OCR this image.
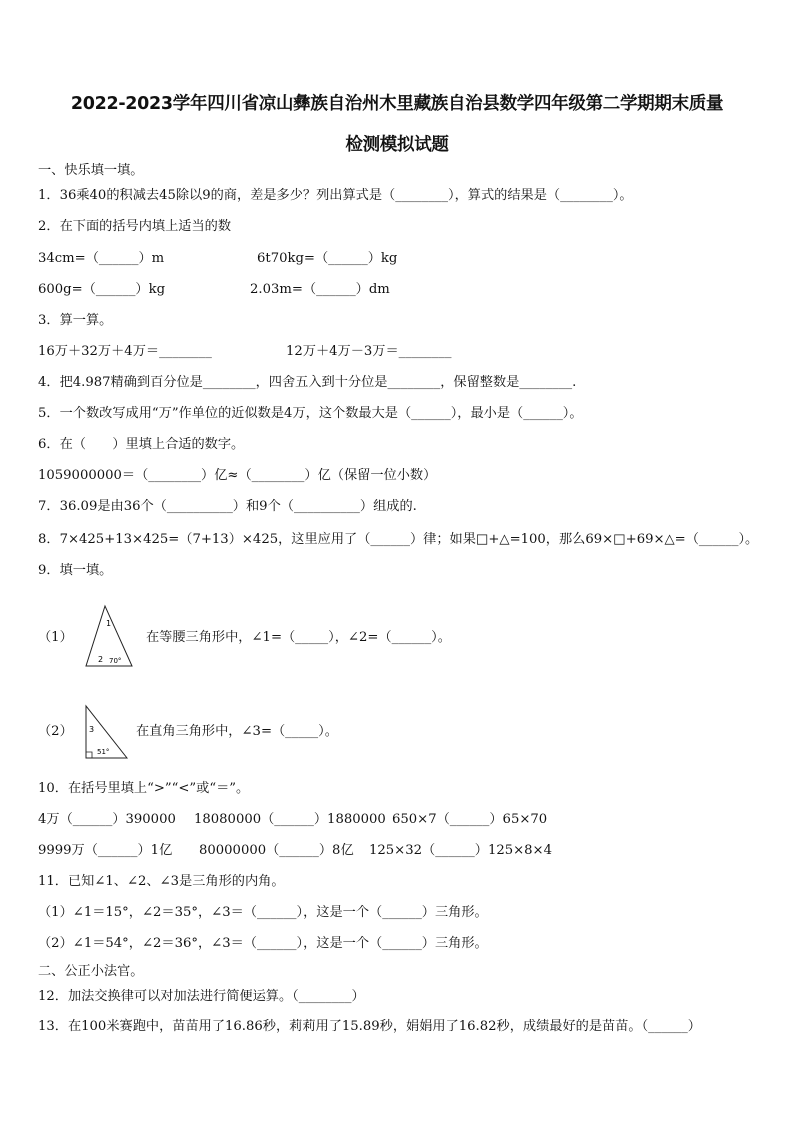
2022-2023学年四川省凉山彝族自治州木里藏族自治县数学四年级第二学期期末质量
检测模拟试题
一、快乐填一填。
1．36乘40的积减去45除以9的商，差是多少？列出算式是（________），算式的结果是（________）。
2．在下面的括号内填上适当的数
34cm=（______）m	6t70kg=（______）kg
600g=（______）kg	2.03m=（______）dm
3．算一算。
16万＋32万＋4万＝________	12万＋4万－3万＝________
4．把4.987精确到百分位是________，四舍五入到十分位是________，保留整数是________.
5．一个数改写成用“万”作单位的近似数是4万，这个数最大是（______），最小是（______）。
6．在（　　）里填上合适的数字。
1059000000＝（________）亿≈（________）亿（保留一位小数）
7．36.09是由36个（__________）和9个（__________）组成的.
8．7×425+13×425=（7+13）×425，这里应用了（______）律；如果□+△=100，那么69×□+69×△=（______）。
9．填一填。
（1）
1
2 70°
在等腰三角形中，∠1=（_____），∠2=（______）。
（2） 3
51°
在直角三角形中，∠3=（_____）。
10．在括号里填上“>”“<”或“＝”。
4万（______）390000 18080000（______）1880000 650×7（______）65×70
9999万（______）1亿 80000000（______）8亿 125×32（______）125×8×4
11．已知∠1、∠2、∠3是三角形的内角。
（1）∠1＝15°，∠2＝35°，∠3＝（______），这是一个（______）三角形。
（2）∠1＝54°，∠2＝36°，∠3＝（______），这是一个（______）三角形。
二、公正小法官。
12．加法交换律可以对加法进行简便运算。（________）
13．在100米赛跑中，苗苗用了16.86秒，莉莉用了15.89秒，娟娟用了16.82秒，成绩最好的是苗苗。（______）
